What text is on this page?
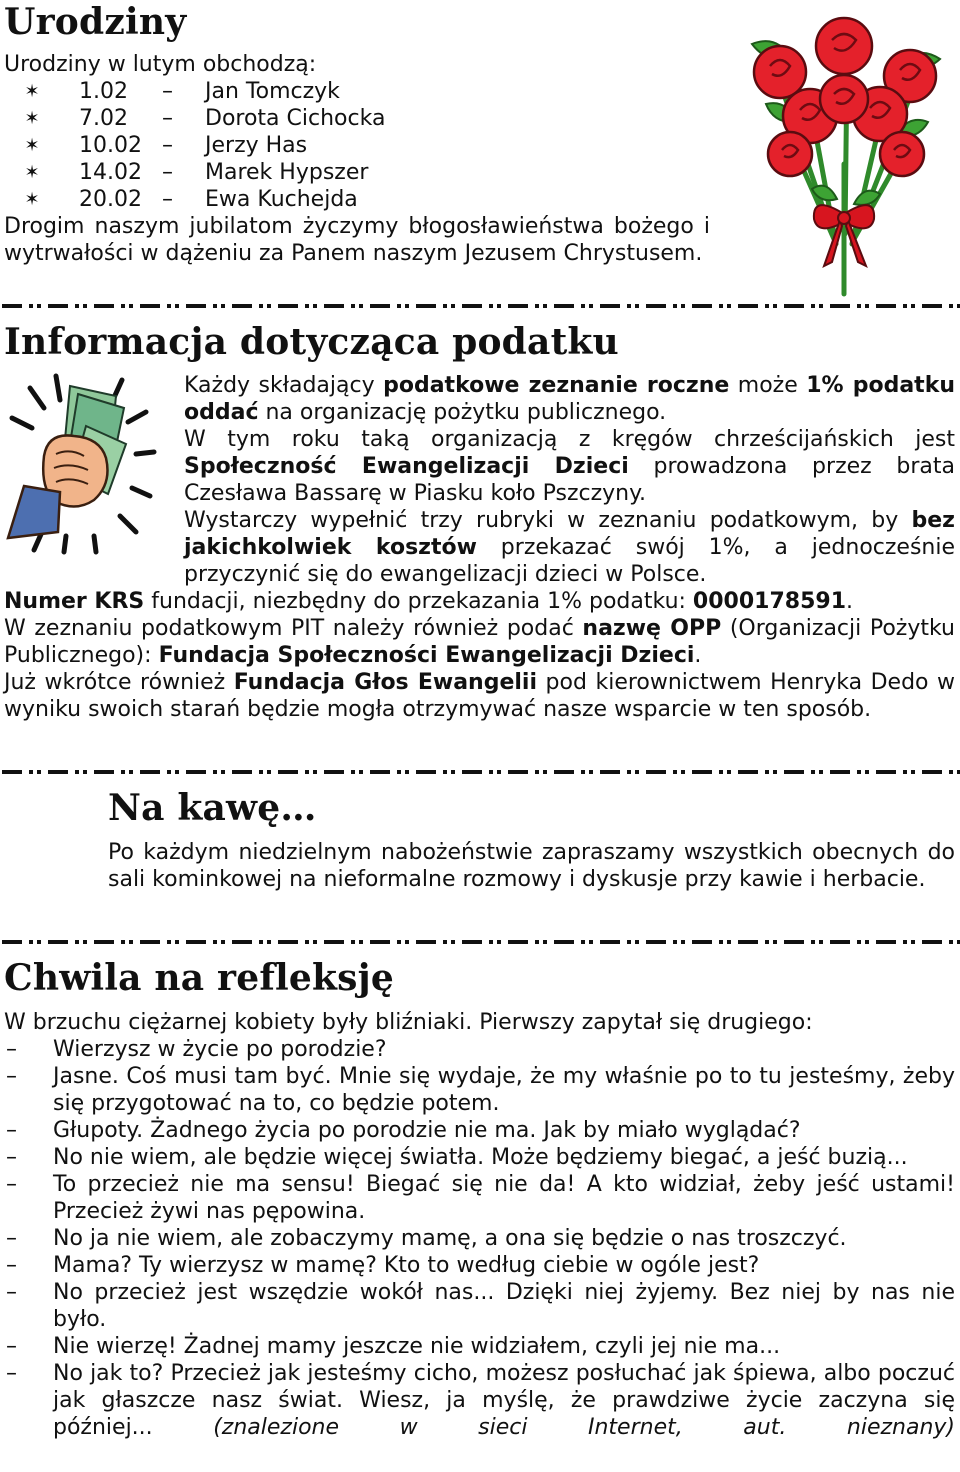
Urodziny
Urodziny w lutym obchodzą:
✶ 1.02 – Jan Tomczyk
✶ 7.02 – Dorota Cichocka
✶ 10.02 – Jerzy Has
✶ 14.02 – Marek Hypszer
✶ 20.02 – Ewa Kuchejda
Drogim naszym jubilatom życzymy błogosławieństwa bożego i wytrwałości w dążeniu za Panem naszym Jezusem Chrystusem.
Informacja dotycząca podatku

Każdy składający podatkowe zeznanie roczne może 1% podatku oddać na organizację pożytku publicznego.

W tym roku taką organizacją z kręgów chrześcijańskich jest Społeczność Ewangelizacji Dzieci prowadzona przez brata Czesława Bassarę w Piasku koło Pszczyny.

Wystarczy wypełnić trzy rubryki w zeznaniu podatkowym, by bez jakichkolwiek kosztów przekazać swój 1%, a jednocześnie przyczynić się do ewangelizacji dzieci w Polsce.

Numer KRS fundacji, niezbędny do przekazania 1% podatku: 0000178591.

W zeznaniu podatkowym PIT należy również podać nazwę OPP (Organizacji Pożytku Publicznego): Fundacja Społeczności Ewangelizacji Dzieci.

Już wkrótce również Fundacja Głos Ewangelii pod kierownictwem Henryka Dedo w wyniku swoich starań będzie mogła otrzymywać nasze wsparcie w ten sposób.

Na kawę…
Po każdym niedzielnym nabożeństwie zapraszamy wszystkich obecnych do sali kominkowej na nieformalne rozmowy i dyskusje przy kawie i herbacie.
Chwila na refleksję
W brzuchu ciężarnej kobiety były bliźniaki. Pierwszy zapytał się drugiego:
– Wierzysz w życie po porodzie?
– Jasne. Coś musi tam być. Mnie się wydaje, że my właśnie po to tu jesteśmy, żeby się przygotować na to, co będzie potem.
– Głupoty. Żadnego życia po porodzie nie ma. Jak by miało wyglądać?
– No nie wiem, ale będzie więcej światła. Może będziemy biegać, a jeść buzią...
– To przecież nie ma sensu! Biegać się nie da! A kto widział, żeby jeść ustami! Przecież żywi nas pępowina.
– No ja nie wiem, ale zobaczymy mamę, a ona się będzie o nas troszczyć.
– Mama? Ty wierzysz w mamę? Kto to według ciebie w ogóle jest?
– No przecież jest wszędzie wokół nas... Dzięki niej żyjemy. Bez niej by nas nie było.
– Nie wierzę! Żadnej mamy jeszcze nie widziałem, czyli jej nie ma...
– No jak to? Przecież jak jesteśmy cicho, możesz posłuchać jak śpiewa, albo poczuć jak głaszcze nasz świat. Wiesz, ja myślę, że prawdziwe życie zaczyna się później...	(znalezione w sieci Internet, aut. nieznany)
